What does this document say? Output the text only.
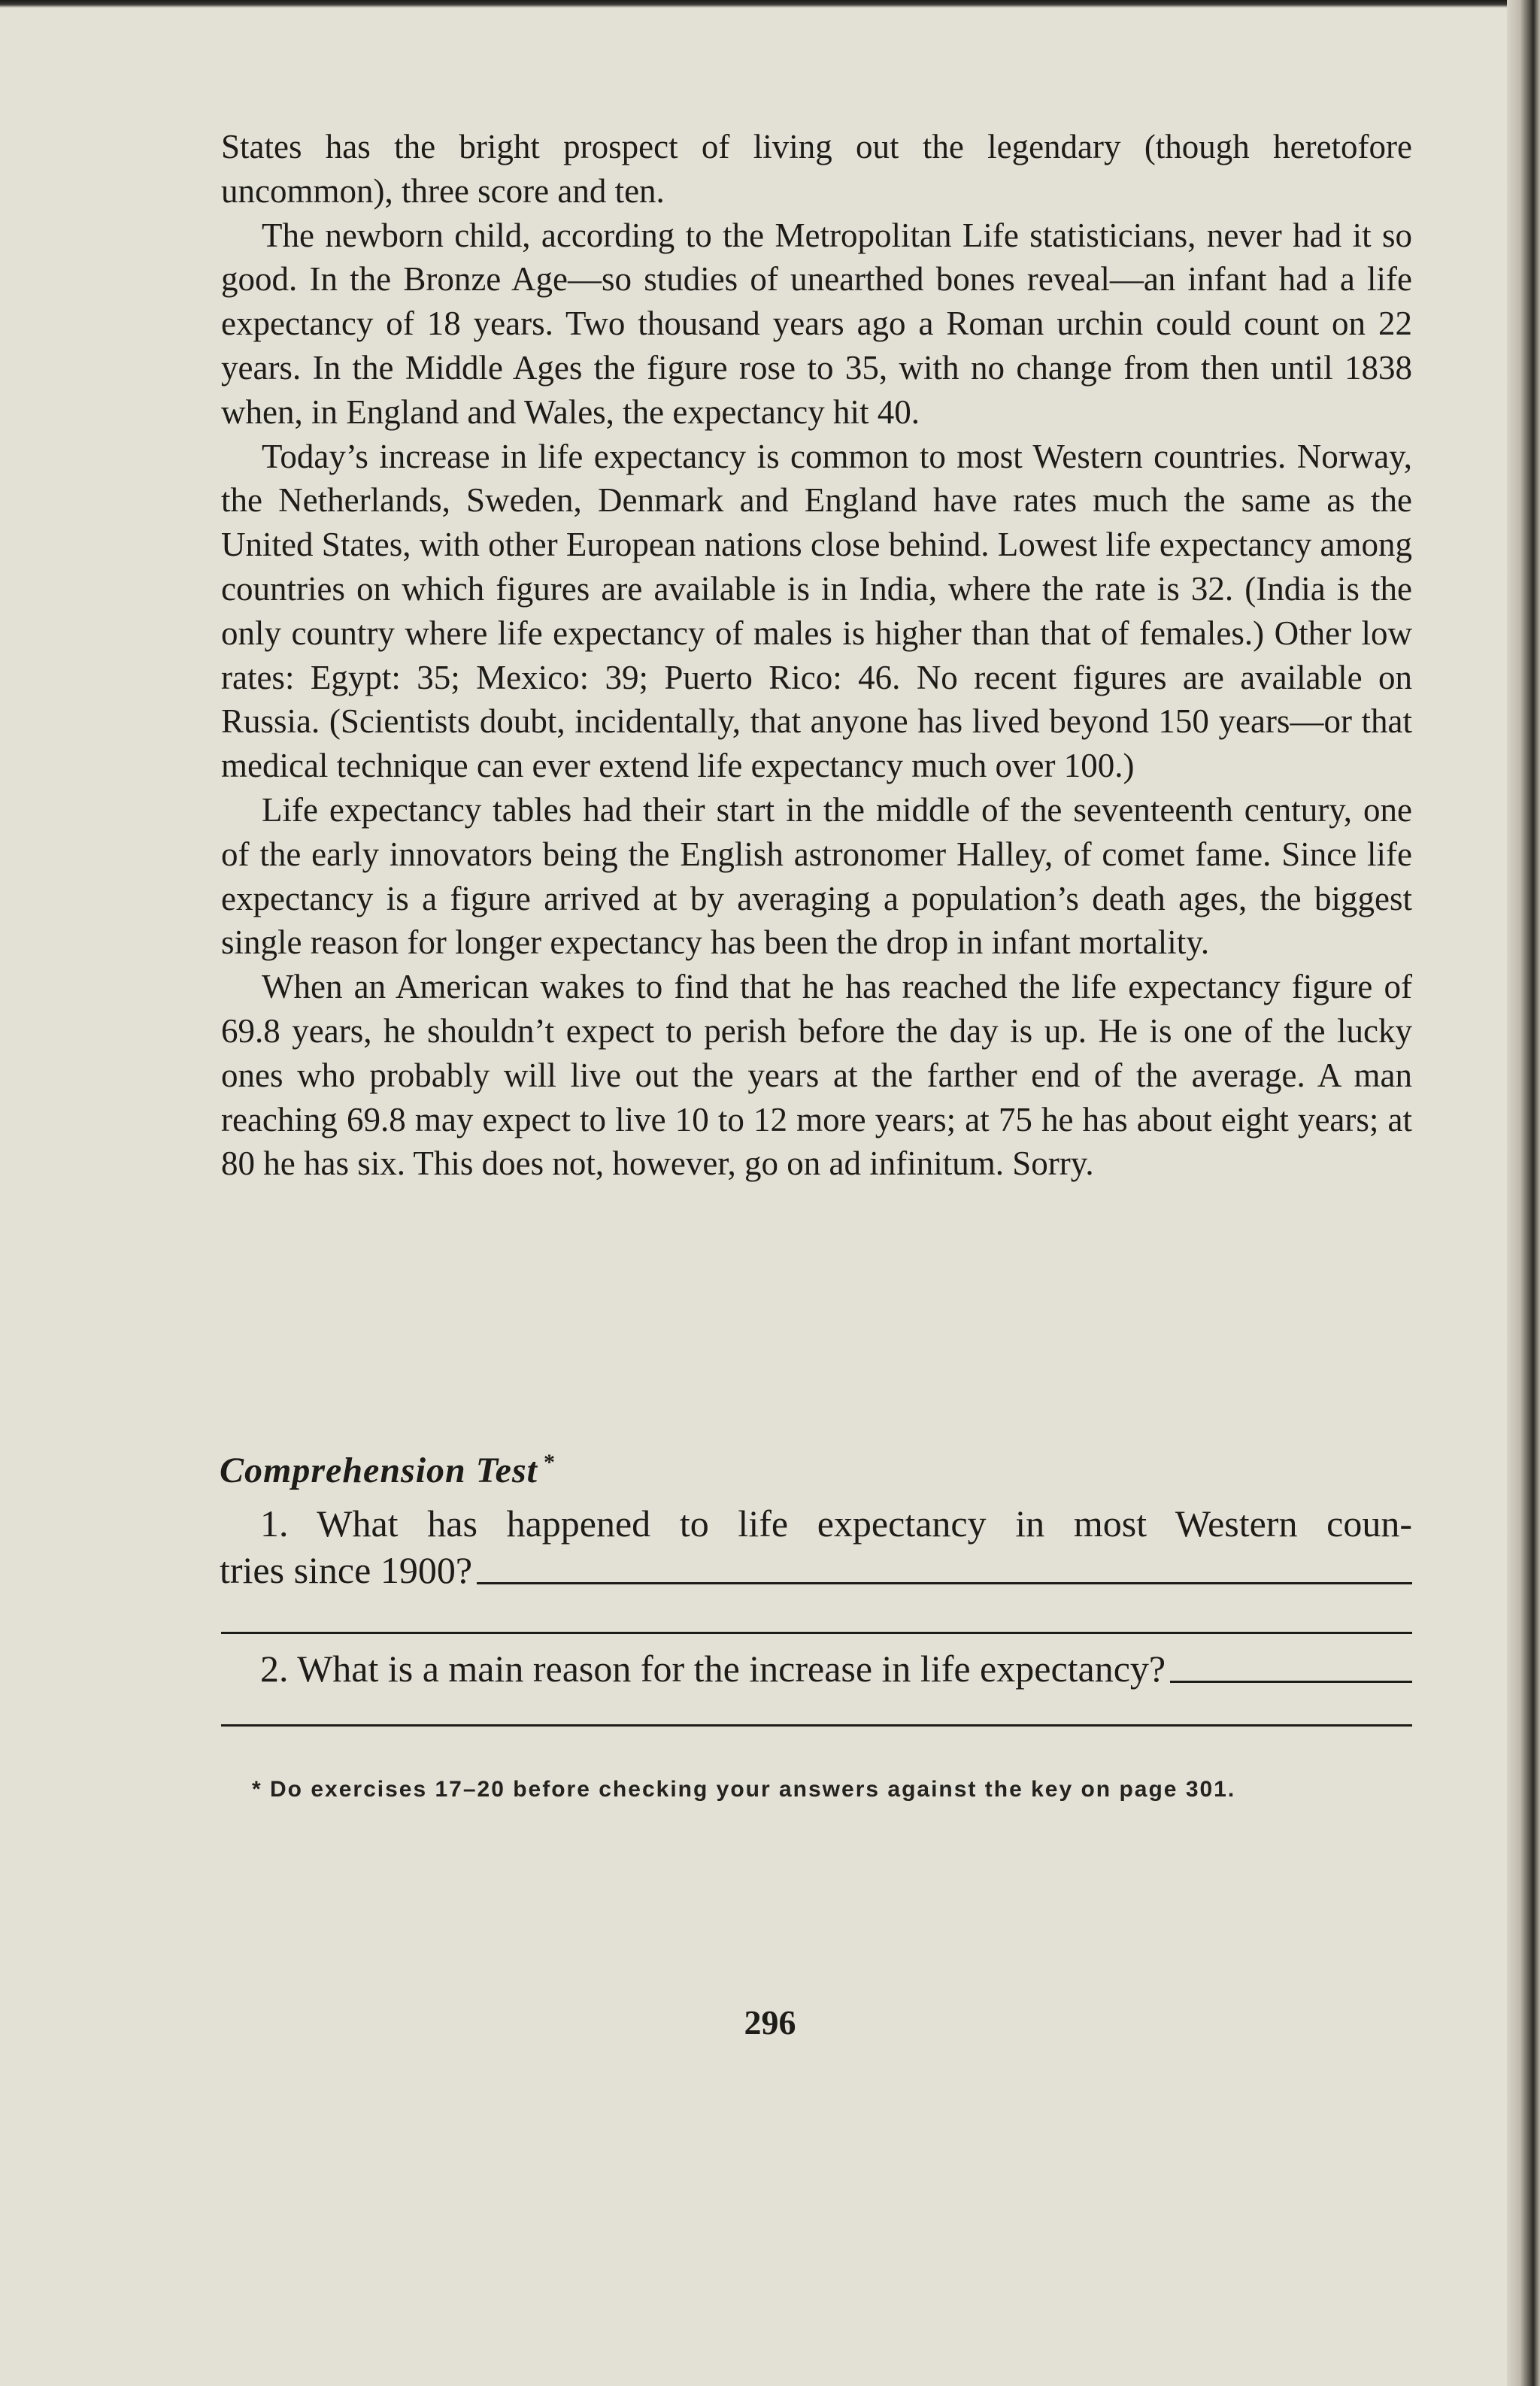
States has the bright prospect of living out the legendary (though heretofore uncommon), three score and ten.

The newborn child, according to the Metropolitan Life statisticians, never had it so good. In the Bronze Age—so studies of unearthed bones reveal—an infant had a life expectancy of 18 years. Two thousand years ago a Roman urchin could count on 22 years. In the Middle Ages the figure rose to 35, with no change from then until 1838 when, in England and Wales, the expectancy hit 40.

Today’s increase in life expectancy is common to most Western countries. Norway, the Netherlands, Sweden, Denmark and England have rates much the same as the United States, with other European nations close behind. Lowest life expectancy among countries on which figures are available is in India, where the rate is 32. (India is the only country where life expectancy of males is higher than that of females.) Other low rates: Egypt: 35; Mexico: 39; Puerto Rico: 46. No recent figures are available on Russia. (Scientists doubt, incidentally, that anyone has lived beyond 150 years—or that medical technique can ever extend life expectancy much over 100.)

Life expectancy tables had their start in the middle of the seventeenth century, one of the early innovators being the English astronomer Halley, of comet fame. Since life expectancy is a figure arrived at by averaging a population’s death ages, the biggest single reason for longer expectancy has been the drop in infant mortality.

When an American wakes to find that he has reached the life expectancy figure of 69.8 years, he shouldn’t expect to perish before the day is up. He is one of the lucky ones who probably will live out the years at the farther end of the average. A man reaching 69.8 may expect to live 10 to 12 more years; at 75 he has about eight years; at 80 he has six. This does not, however, go on ad infinitum. Sorry.

Comprehension Test *
1. What has happened to life expectancy in most Western coun-
tries since 1900?
2. What is a main reason for the increase in life expectancy?
* Do exercises 17–20 before checking your answers against the key on page 301.
296
